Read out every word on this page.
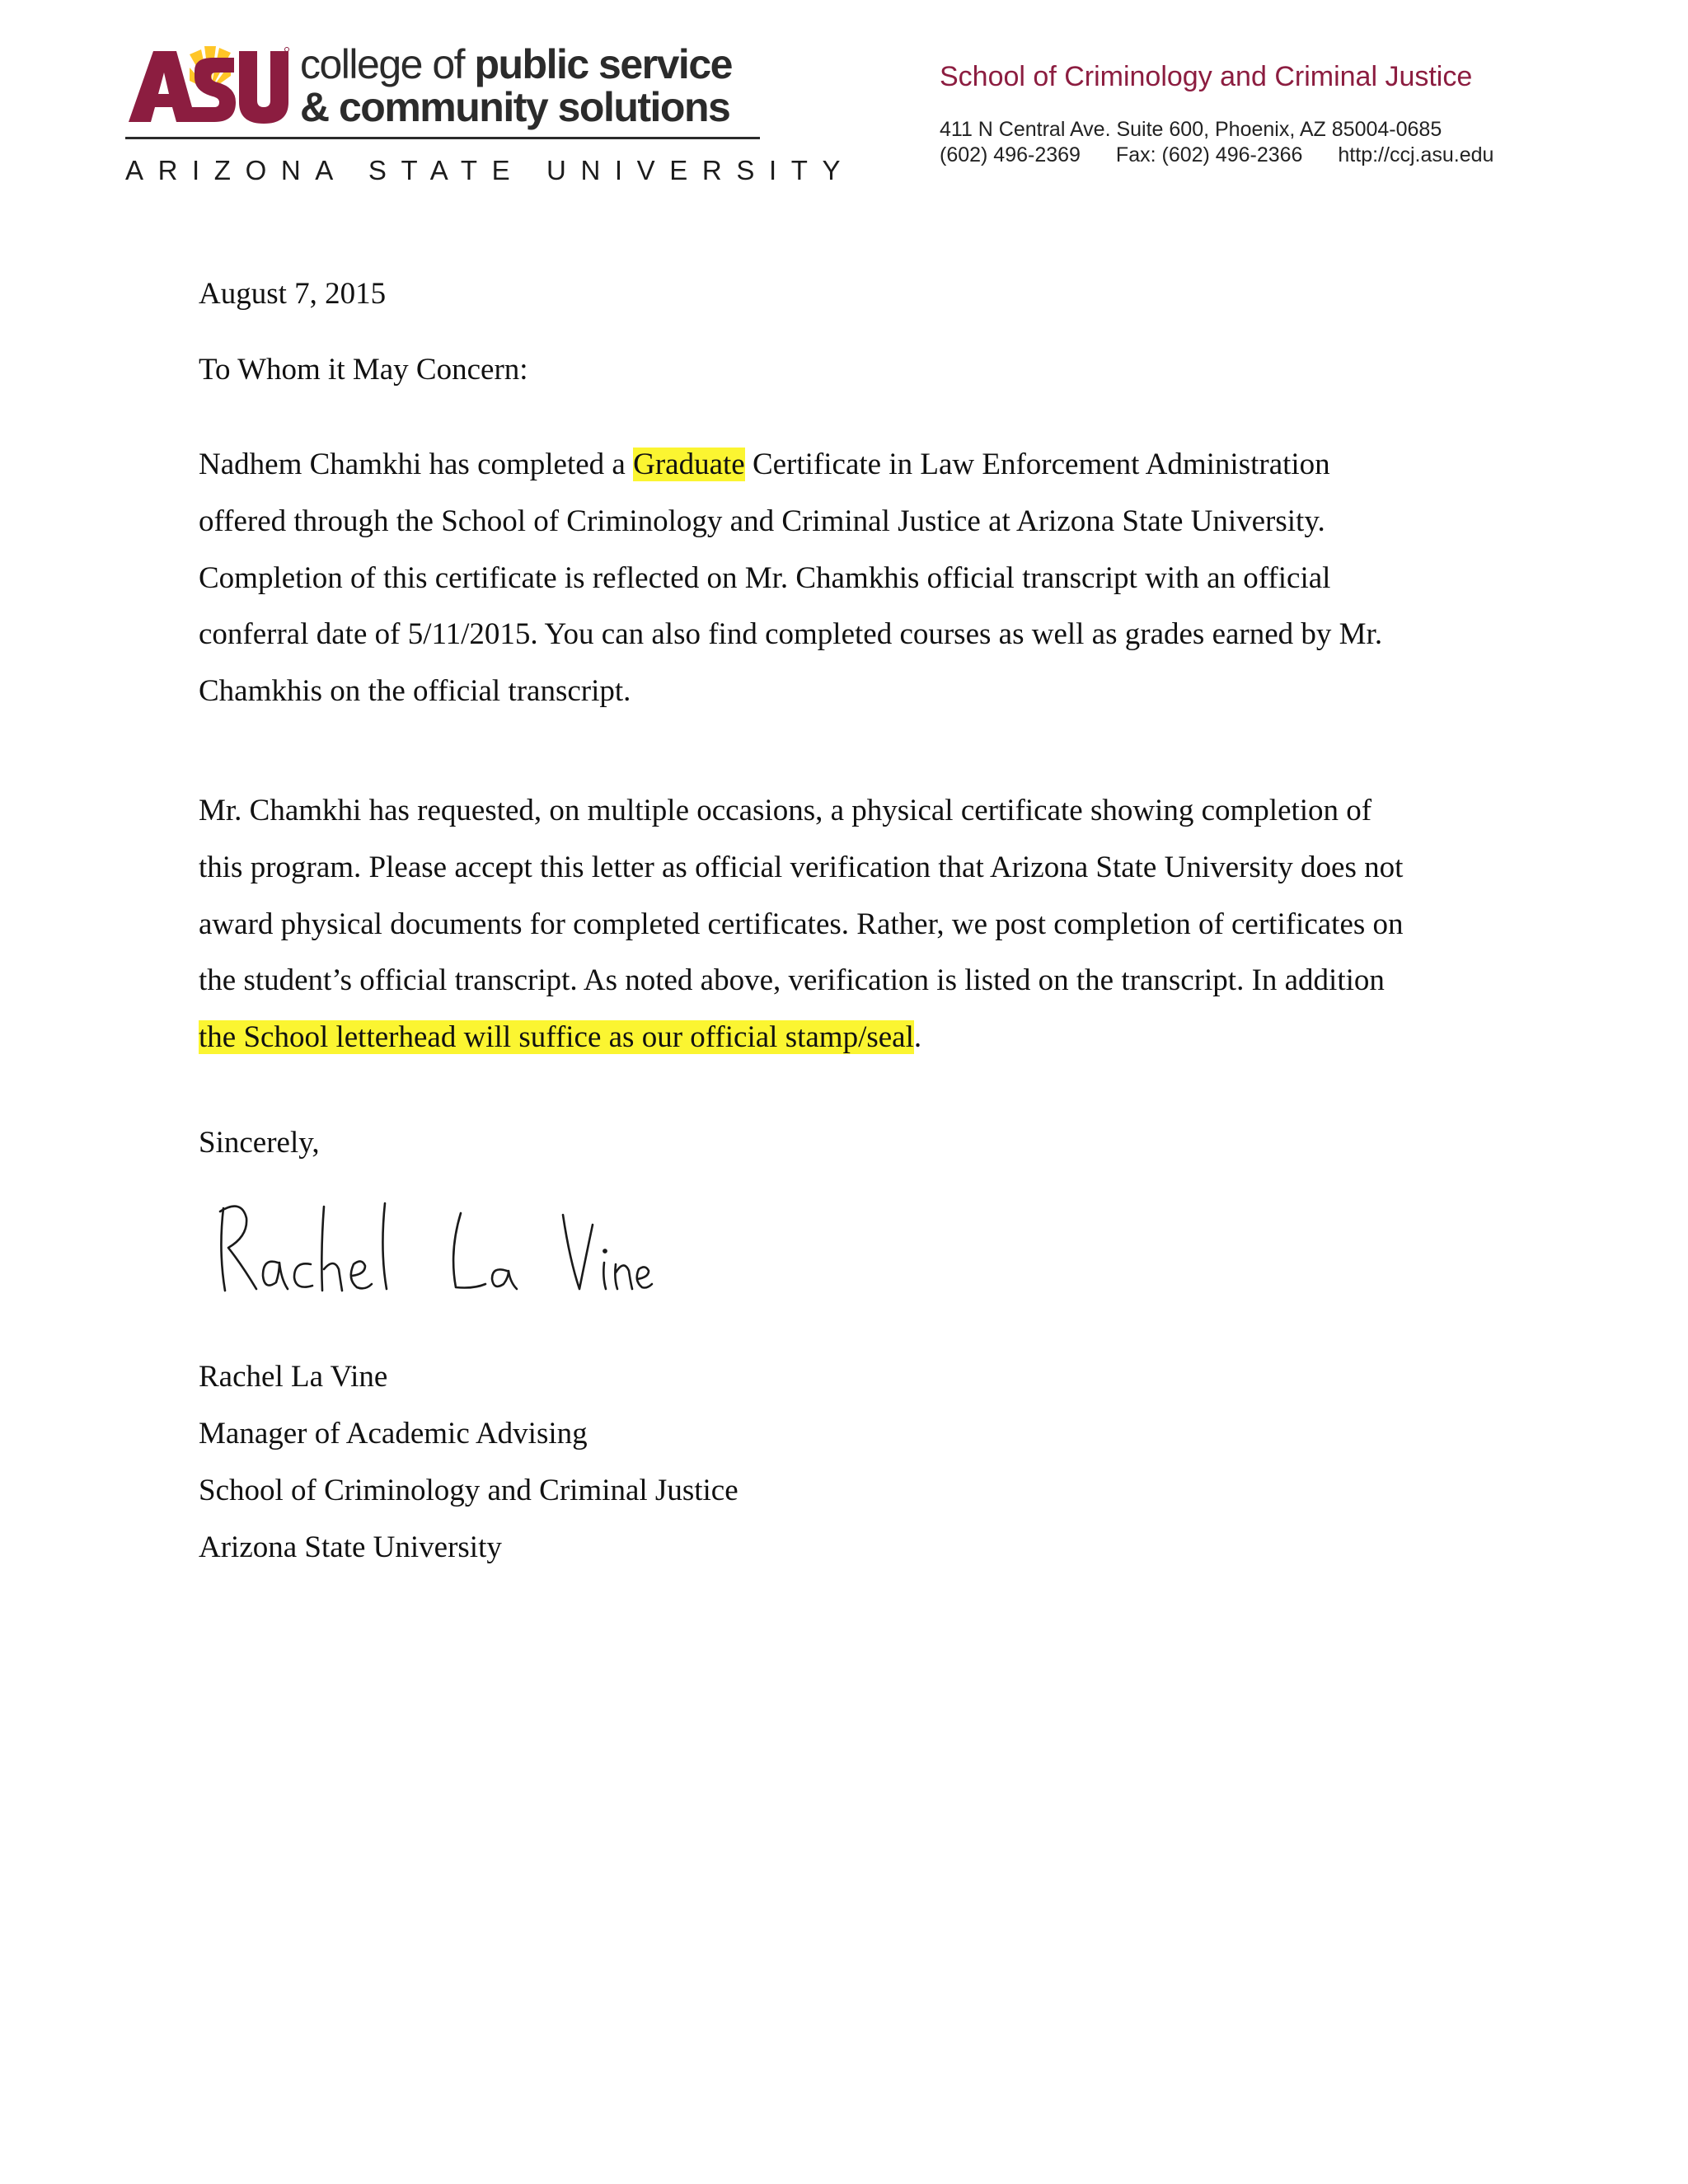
college of public service
& community solutions
ARIZONA STATE UNIVERSITY
School of Criminology and Criminal Justice
411 N Central Ave. Suite 600, Phoenix, AZ 85004-0685
(602) 496-2369 Fax: (602) 496-2366 http://ccj.asu.edu
August 7, 2015
To Whom it May Concern:
Nadhem Chamkhi has completed a Graduate Certificate in Law Enforcement Administration
offered through the School of Criminology and Criminal Justice at Arizona State University.
Completion of this certificate is reflected on Mr. Chamkhis official transcript with an official
conferral date of 5/11/2015. You can also find completed courses as well as grades earned by Mr.
Chamkhis on the official transcript.
Mr. Chamkhi has requested, on multiple occasions, a physical certificate showing completion of
this program. Please accept this letter as official verification that Arizona State University does not
award physical documents for completed certificates. Rather, we post completion of certificates on
the student’s official transcript. As noted above, verification is listed on the transcript. In addition
the School letterhead will suffice as our official stamp/seal.
Sincerely,
Rachel La Vine
Manager of Academic Advising
School of Criminology and Criminal Justice
Arizona State University
